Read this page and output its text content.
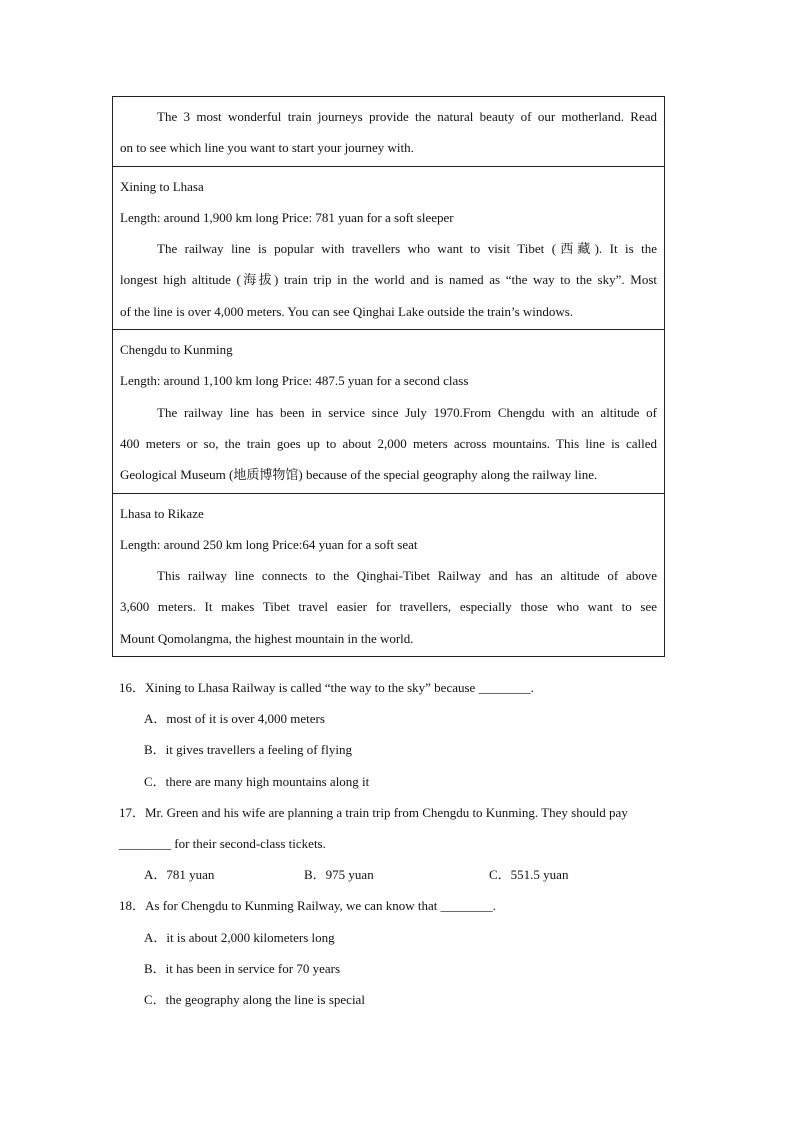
The 3 most wonderful train journeys provide the natural beauty of our motherland. Read
on to see which line you want to start your journey with.
Xining to Lhasa
Length: around 1,900 km long Price: 781 yuan for a soft sleeper
The railway line is popular with travellers who want to visit Tibet (西藏). It is the
longest high altitude (海拔) train trip in the world and is named as “the way to the sky”. Most
of the line is over 4,000 meters. You can see Qinghai Lake outside the train’s windows.
Chengdu to Kunming
Length: around 1,100 km long Price: 487.5 yuan for a second class
The railway line has been in service since July 1970.From Chengdu with an altitude of
400 meters or so, the train goes up to about 2,000 meters across mountains. This line is called
Geological Museum (地质博物馆) because of the special geography along the railway line.
Lhasa to Rikaze
Length: around 250 km long Price:64 yuan for a soft seat
This railway line connects to the Qinghai-Tibet Railway and has an altitude of above
3,600 meters. It makes Tibet travel easier for travellers, especially those who want to see
Mount Qomolangma, the highest mountain in the world.
16．Xining to Lhasa Railway is called “the way to the sky” because ________.
A．most of it is over 4,000 meters
B．it gives travellers a feeling of flying
C．there are many high mountains along it
17．Mr. Green and his wife are planning a train trip from Chengdu to Kunming. They should pay
________ for their second-class tickets.
A．781 yuan	B．975 yuan	C．551.5 yuan
18．As for Chengdu to Kunming Railway, we can know that ________.
A．it is about 2,000 kilometers long
B．it has been in service for 70 years
C．the geography along the line is special
